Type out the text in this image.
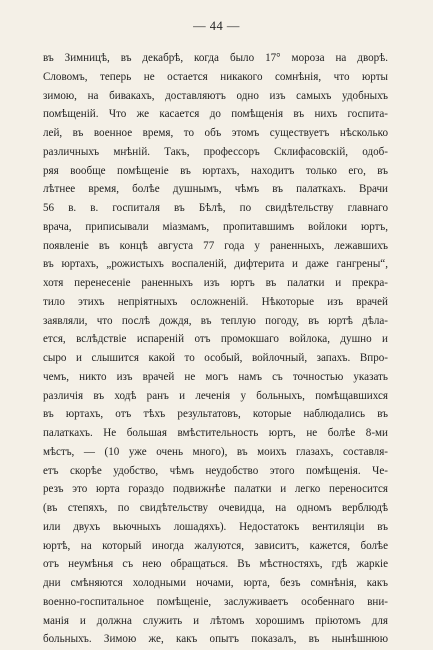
— 44 —
въ Зимницѣ, въ декабрѣ, когда было 17° мороза на дворѣ.
Словомъ, теперь не остается никакого сомнѣнія, что юрты
зимою, на бивакахъ, доставляютъ одно изъ самыхъ удобныхъ
помѣщеній. Что же касается до помѣщенія въ нихъ госпита-
лей, въ военное время, то объ этомъ существуетъ нѣсколько
различныхъ мнѣній. Такъ, профессоръ Склифасовскій, одоб-
ряя вообще помѣщеніе въ юртахъ, находитъ только его, въ
лѣтнее время, болѣе душнымъ, чѣмъ въ палаткахъ. Врачи
56 в. в. госпиталя въ Бѣлѣ, по свидѣтельству главнаго
врача, приписывали міазмамъ, пропитавшимъ войлоки юртъ,
появленіе въ концѣ августа 77 года у раненныхъ, лежавшихъ
въ юртахъ, „рожистыхъ воспаленій, дифтерита и даже гангрены“,
хотя перенесеніе раненныхъ изъ юртъ въ палатки и прекра-
тило этихъ непріятныхъ осложненій. Нѣкоторые изъ врачей
заявляли, что послѣ дождя, въ теплую погоду, въ юртѣ дѣла-
ется, вслѣдствіе испареній отъ промокшаго войлока, душно и
сыро и слышится какой то особый, войлочный, запахъ. Впро-
чемъ, никто изъ врачей не могъ намъ съ точностью указать
различія въ ходѣ ранъ и леченія у больныхъ, помѣщавшихся
въ юртахъ, отъ тѣхъ результатовъ, которые наблюдались въ
палаткахъ. Не большая вмѣстительность юртъ, не болѣе 8-ми
мѣстъ, — (10 уже очень много), въ моихъ глазахъ, составля-
етъ скорѣе удобство, чѣмъ неудобство этого помѣщенія. Че-
резъ это юрта гораздо подвижнѣе палатки и легко переносится
(въ степяхъ, по свидѣтельству очевидца, на одномъ верблюдѣ
или двухъ вьючныхъ лошадяхъ). Недостатокъ вентиляціи въ
юртѣ, на который иногда жалуются, зависитъ, кажется, болѣе
отъ неумѣнья съ нею обращаться. Въ мѣстностяхъ, гдѣ жаркіе
дни смѣняются холодными ночами, юрта, безъ сомнѣнія, какъ
военно-госпитальное помѣщеніе, заслуживаетъ особеннаго вни-
манія и должна служить и лѣтомъ хорошимъ пріютомъ для
больныхъ. Зимою же, какъ опытъ показалъ, въ нынѣшнюю
